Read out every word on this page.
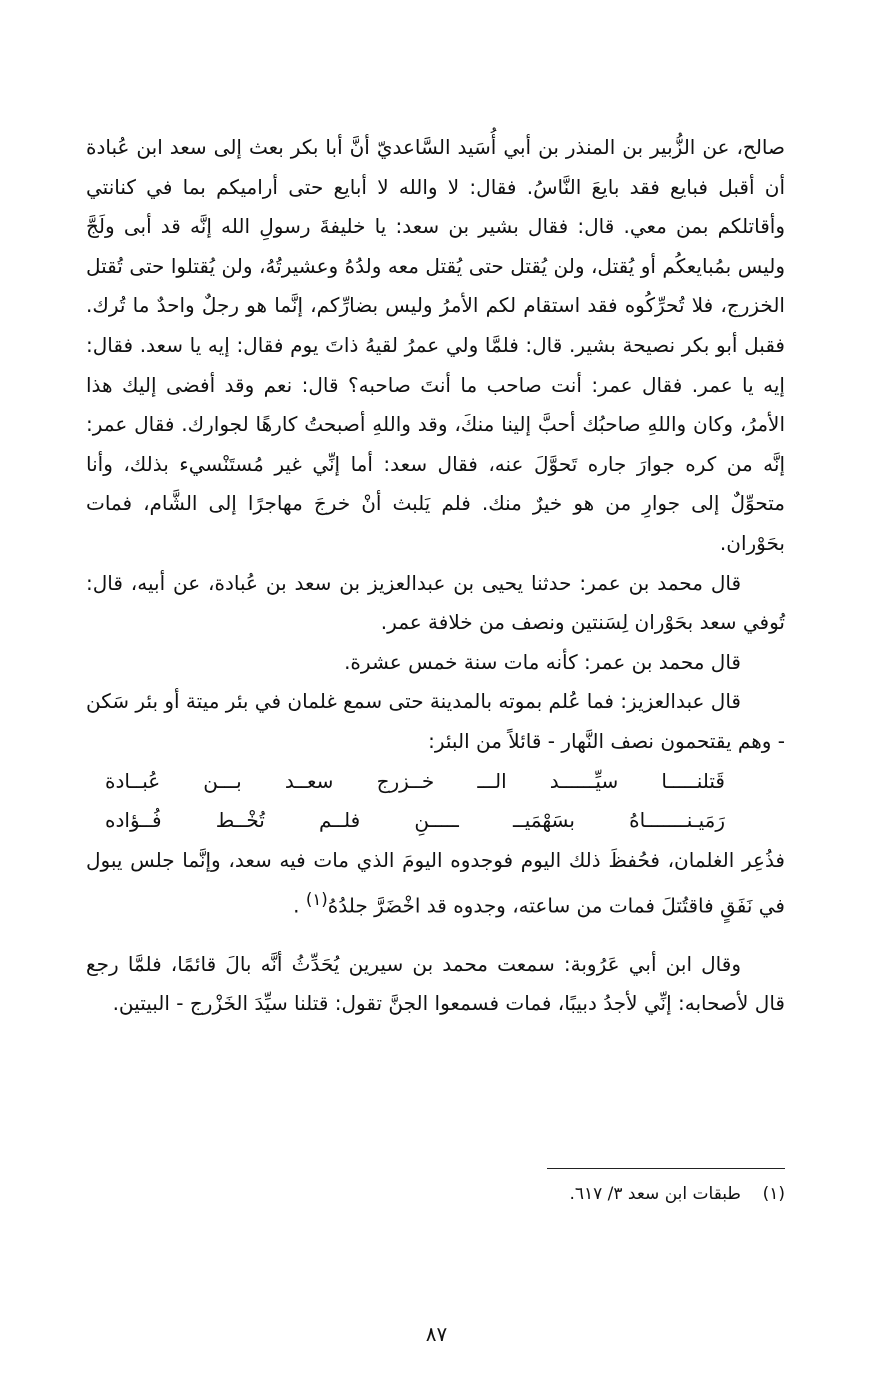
صالح، عن الزُّبير بن المنذر بن أبي أُسَيد السَّاعديّ أنَّ أبا بكر بعث إلى سعد ابن عُبادة أن أقبل فبايع فقد بايعَ النَّاسُ. فقال: لا والله لا أبايع حتى أراميكم بما في كنانتي وأقاتلكم بمن معي. قال: فقال بشير بن سعد: يا خليفةَ رسولِ الله إنَّه قد أبى ولَجَّ وليس بمُبايعكُم أو يُقتل، ولن يُقتل حتى يُقتل معه ولدُهُ وعشيرتُهُ، ولن يُقتلوا حتى تُقتل الخزرج، فلا تُحرِّكُوه فقد استقام لكم الأمرُ وليس بضارِّكم، إنَّما هو رجلٌ واحدٌ ما تُرك. فقبل أبو بكر نصيحة بشير. قال: فلمَّا ولي عمرُ لقيهُ ذاتَ يوم فقال: إيه يا سعد. فقال: إيه يا عمر. فقال عمر: أنت صاحب ما أنتَ صاحبه؟ قال: نعم وقد أفضى إليك هذا الأمرُ، وكان واللهِ صاحبُك أحبَّ إلينا منكَ، وقد واللهِ أصبحتُ كارهًا لجوارك. فقال عمر: إنَّه من كره جوارَ جاره تَحوَّلَ عنه، فقال سعد: أما إنِّي غير مُستَنْسيء بذلك، وأنا متحوِّلٌ إلى جوارِ من هو خيرٌ منك. فلم يَلبث أنْ خرجَ مهاجرًا إلى الشَّام، فمات بحَوْران.

قال محمد بن عمر: حدثنا يحيى بن عبدالعزيز بن سعد بن عُبادة، عن أبيه، قال: تُوفي سعد بحَوْران لِسَنتين ونصف من خلافة عمر.

قال محمد بن عمر: كأنه مات سنة خمس عشرة.

قال عبدالعزيز: فما عُلم بموته بالمدينة حتى سمع غلمان في بئر ميتة أو بئر سَكن - وهم يقتحمون نصف النَّهار - قائلاً من البئر:

قَتلنـــــا سيِّــــــد الـــ خــزرج سعــد بـــن عُبــادة
رَمَيـنـــــــاهُ بسَهْمَيــ ـــــنِ فلــم تُخْــط فُــؤاده

فذُعِر الغلمان، فحُفظَ ذلك اليوم فوجدوه اليومَ الذي مات فيه سعد، وإنَّما جلس يبول في نَفَقٍ فاقتُتلَ فمات من ساعته، وجدوه قد اخْضَرَّ جلدُهُ$^{(١)}$ .

وقال ابن أبي عَرُوبة: سمعت محمد بن سيرين يُحَدِّثُ أنَّه بالَ قائمًا، فلمَّا رجع قال لأصحابه: إنِّي لأجدُ دبيبًا، فمات فسمعوا الجنَّ تقول: قتلنا سيِّدَ الخَزْرج - البيتين.

(١)    طبقات ابن سعد ٣/ ٦١٧.
٨٧
